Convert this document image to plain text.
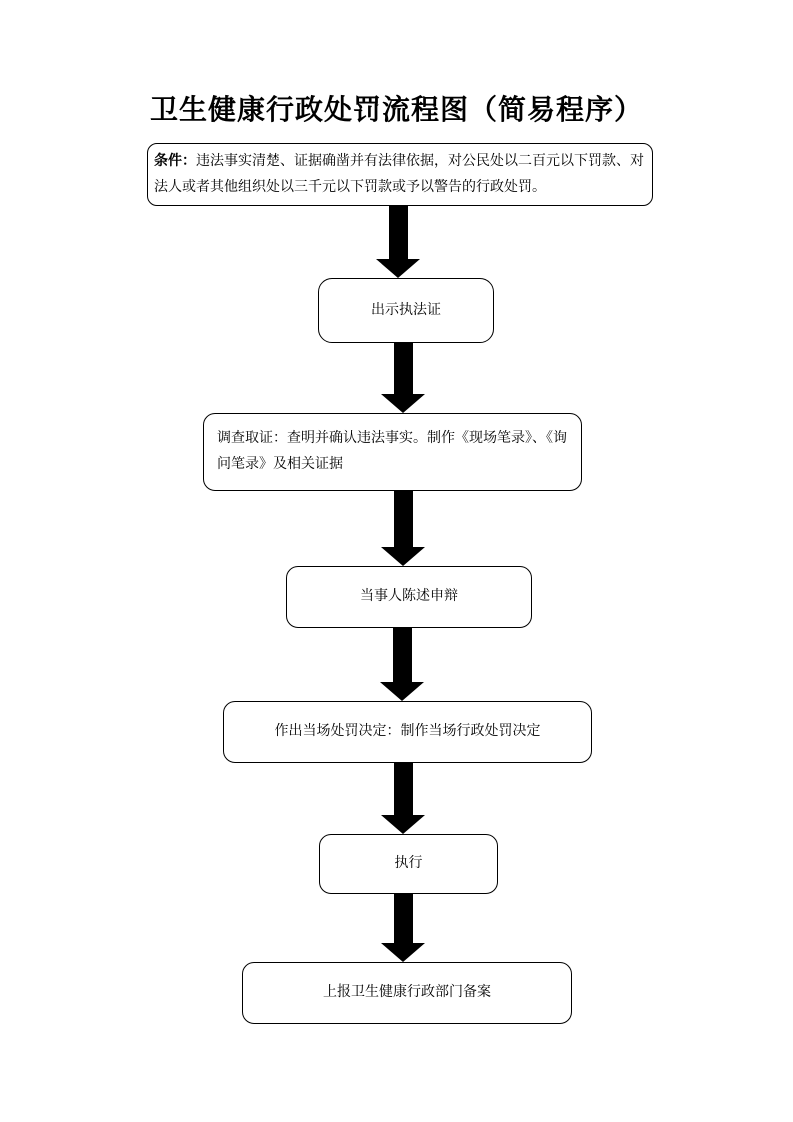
卫生健康行政处罚流程图（简易程序）

条件：违法事实清楚、证据确凿并有法律依据，对公民处以二百元以下罚款、对法人或者其他组织处以三千元以下罚款或予以警告的行政处罚。

出示执法证
调查取证：查明并确认违法事实。制作《现场笔录》、《询问笔录》及相关证据
当事人陈述申辩
作出当场处罚决定：制作当场行政处罚决定
执行
上报卫生健康行政部门备案
